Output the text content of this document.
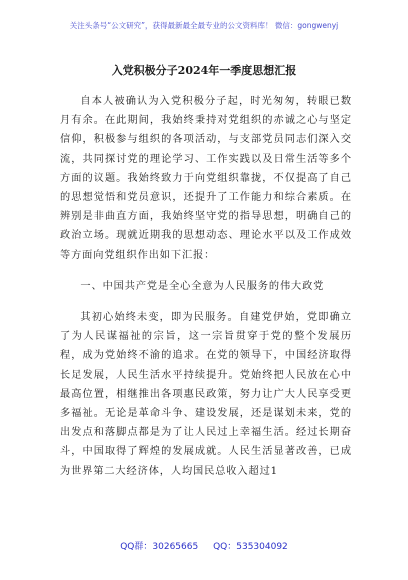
关注头条号“公文研究”，获得最新最全最专业的公文资料库！ 微信：gongwenyj
入党积极分子2024年一季度思想汇报

自本人被确认为入党积极分子起，时光匆匆，转眼已数月有余。在此期间，我始终秉持对党组织的赤诚之心与坚定信仰，积极参与组织的各项活动，与支部党员同志们深入交流，共同探讨党的理论学习、工作实践以及日常生活等多个方面的议题。我始终致力于向党组织靠拢，不仅提高了自己的思想觉悟和党员意识，还提升了工作能力和综合素质。在辨别是非曲直方面，我始终坚守党的指导思想，明确自己的政治立场。现就近期我的思想动态、理论水平以及工作成效等方面向党组织作出如下汇报：

一、中国共产党是全心全意为人民服务的伟大政党

其初心始终未变，即为民服务。自建党伊始，党即确立了为人民谋福祉的宗旨，这一宗旨贯穿于党的整个发展历程，成为党始终不渝的追求。在党的领导下，中国经济取得长足发展，人民生活水平持续提升。党始终把人民放在心中最高位置，相继推出各项惠民政策，努力让广大人民享受更多福祉。无论是革命斗争、建设发展，还是谋划未来，党的出发点和落脚点都是为了让人民过上幸福生活。经过长期奋斗，中国取得了辉煌的发展成就。人民生活显著改善，已成为世界第二大经济体，人均国民总收入超过1

QQ群：30265665 QQ：535304092
